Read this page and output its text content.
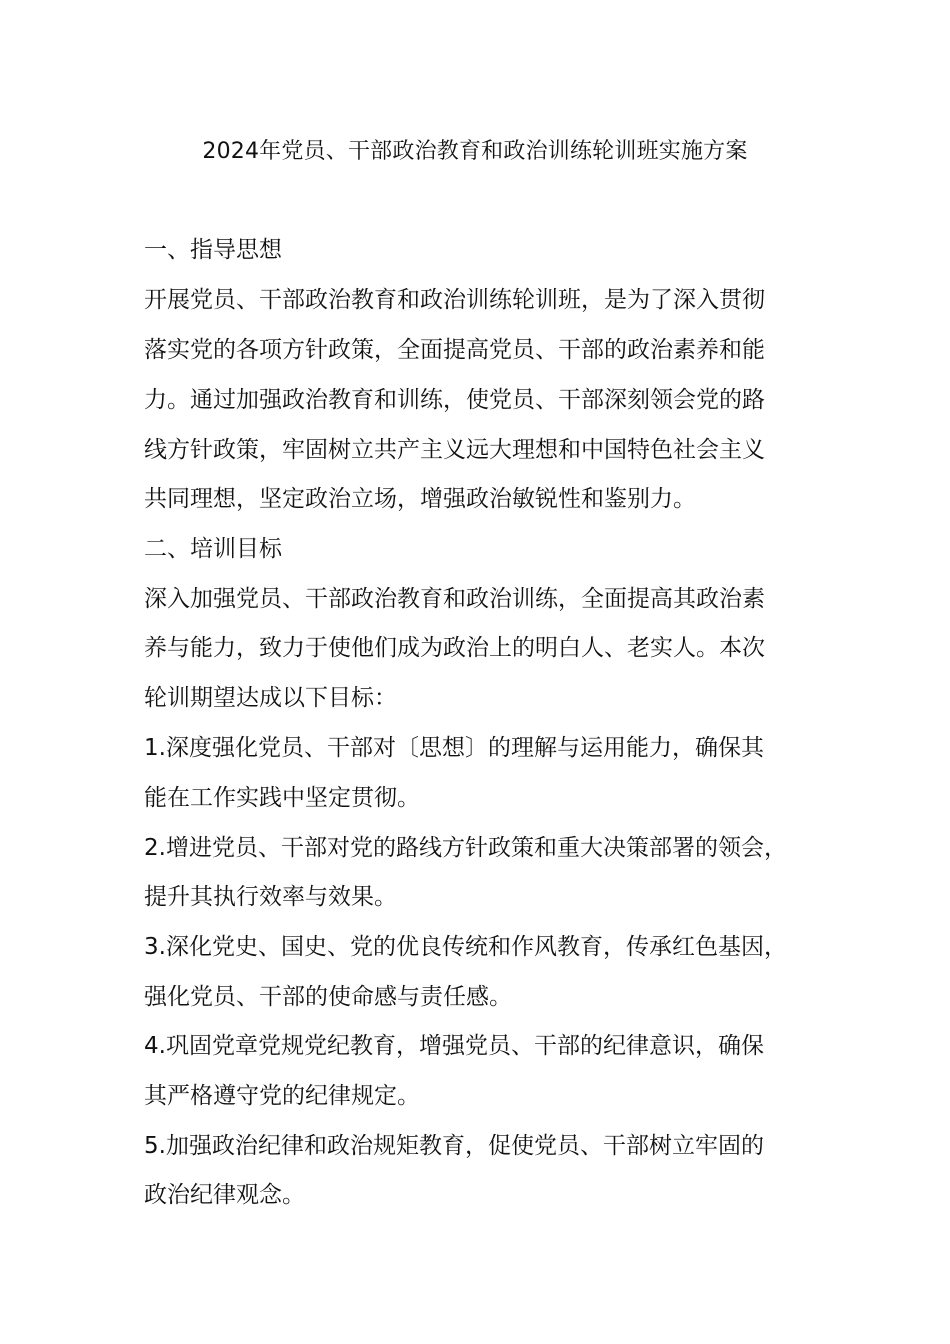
2024年党员、干部政治教育和政治训练轮训班实施方案

一、指导思想

开展党员、干部政治教育和政治训练轮训班，是为了深入贯彻

落实党的各项方针政策，全面提高党员、干部的政治素养和能

力。通过加强政治教育和训练，使党员、干部深刻领会党的路

线方针政策，牢固树立共产主义远大理想和中国特色社会主义

共同理想，坚定政治立场，增强政治敏锐性和鉴别力。

二、培训目标

深入加强党员、干部政治教育和政治训练，全面提高其政治素

养与能力，致力于使他们成为政治上的明白人、老实人。本次

轮训期望达成以下目标：

1.深度强化党员、干部对〔思想〕的理解与运用能力，确保其

能在工作实践中坚定贯彻。

2.增进党员、干部对党的路线方针政策和重大决策部署的领会，

提升其执行效率与效果。

3.深化党史、国史、党的优良传统和作风教育，传承红色基因，

强化党员、干部的使命感与责任感。

4.巩固党章党规党纪教育，增强党员、干部的纪律意识，确保

其严格遵守党的纪律规定。

5.加强政治纪律和政治规矩教育，促使党员、干部树立牢固的

政治纪律观念。
